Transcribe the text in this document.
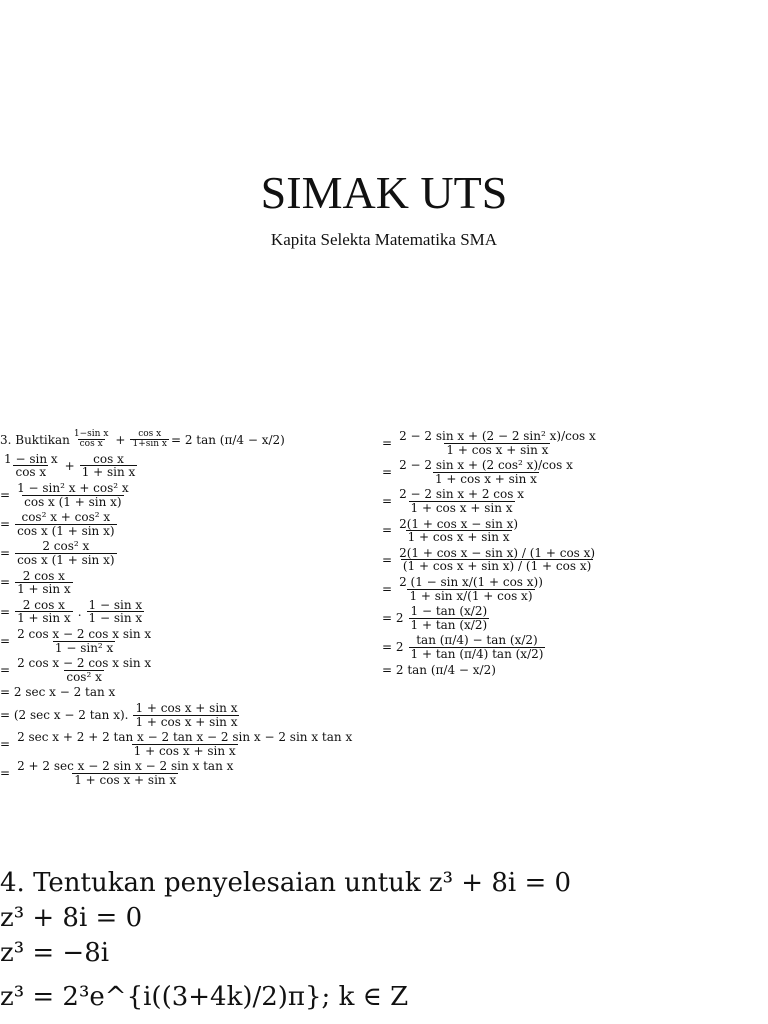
SIMAK UTS
Kapita Selekta Matematika SMA
3. Buktikan $\frac{\text{1−sin x}}{\text{cos x}} + \frac{\text{cos x}}{\text{1+sin x}} = 2$ tan (π/4 − x/2)
$\frac{\text{1 − sin x}}{\text{cos x}} + \frac{\text{cos x}}{\text{1 + sin x}}$
= $\frac{\text{1 − sin² x + cos² x}}{\text{cos x (1 + sin x)}}$
= $\frac{\text{cos² x + cos² x}}{\text{cos x (1 + sin x)}}$
= $\frac{\text{2 cos² x}}{\text{cos x (1 + sin x)}}$
= $\frac{\text{2 cos x}}{\text{1 + sin x}}$
= $\frac{\text{2 cos x}}{\text{1 + sin x}}$ . $\frac{\text{1 − sin x}}{\text{1 − sin x}}$
= $\frac{\text{2 cos x − 2 cos x sin x}}{\text{1 − sin² x}}$
= $\frac{\text{2 cos x − 2 cos x sin x}}{\text{cos² x}}$
= 2 sec x − 2 tan x
= (2 sec x − 2 tan x). $\frac{\text{1 + cos x + sin x}}{\text{1 + cos x + sin x}}$
= $\frac{\text{2 sec x + 2 + 2 tan x − 2 tan x − 2 sin x − 2 sin x tan x}}{\text{1 + cos x + sin x}}$
= $\frac{\text{2 + 2 sec x − 2 sin x − 2 sin x tan x}}{\text{1 + cos x + sin x}}$
= $\frac{\text{2 − 2 sin x + (2 − 2 sin² x)/cos x}}{\text{1 + cos x + sin x}}$
= $\frac{\text{2 − 2 sin x + (2 cos² x)/cos x}}{\text{1 + cos x + sin x}}$
= $\frac{\text{2 − 2 sin x + 2 cos x}}{\text{1 + cos x + sin x}}$
= $\frac{\text{2(1 + cos x − sin x)}}{\text{1 + cos x + sin x}}$
= $\frac{\text{2(1 + cos x − sin x) / (1 + cos x)}}{\text{(1 + cos x + sin x) / (1 + cos x)}}$
= $\frac{\text{2 (1 − sin x/(1 + cos x))}}{\text{1 + sin x/(1 + cos x)}}$
= $2 \frac{1 - \tan (x/2)}{1 + \tan (x/2)}$
= $2 \frac{\tan (\pi/4) - \tan (x/2)}{1 + \tan (\pi/4) \tan (x/2)}$
= 2 tan (π/4 − x/2)
4. Tentukan penyelesaian untuk z³ + 8i = 0
z³ + 8i = 0
z³ = −8i
z³ = 2³e^{i((3+4k)/2)π}; k ∈ Z
